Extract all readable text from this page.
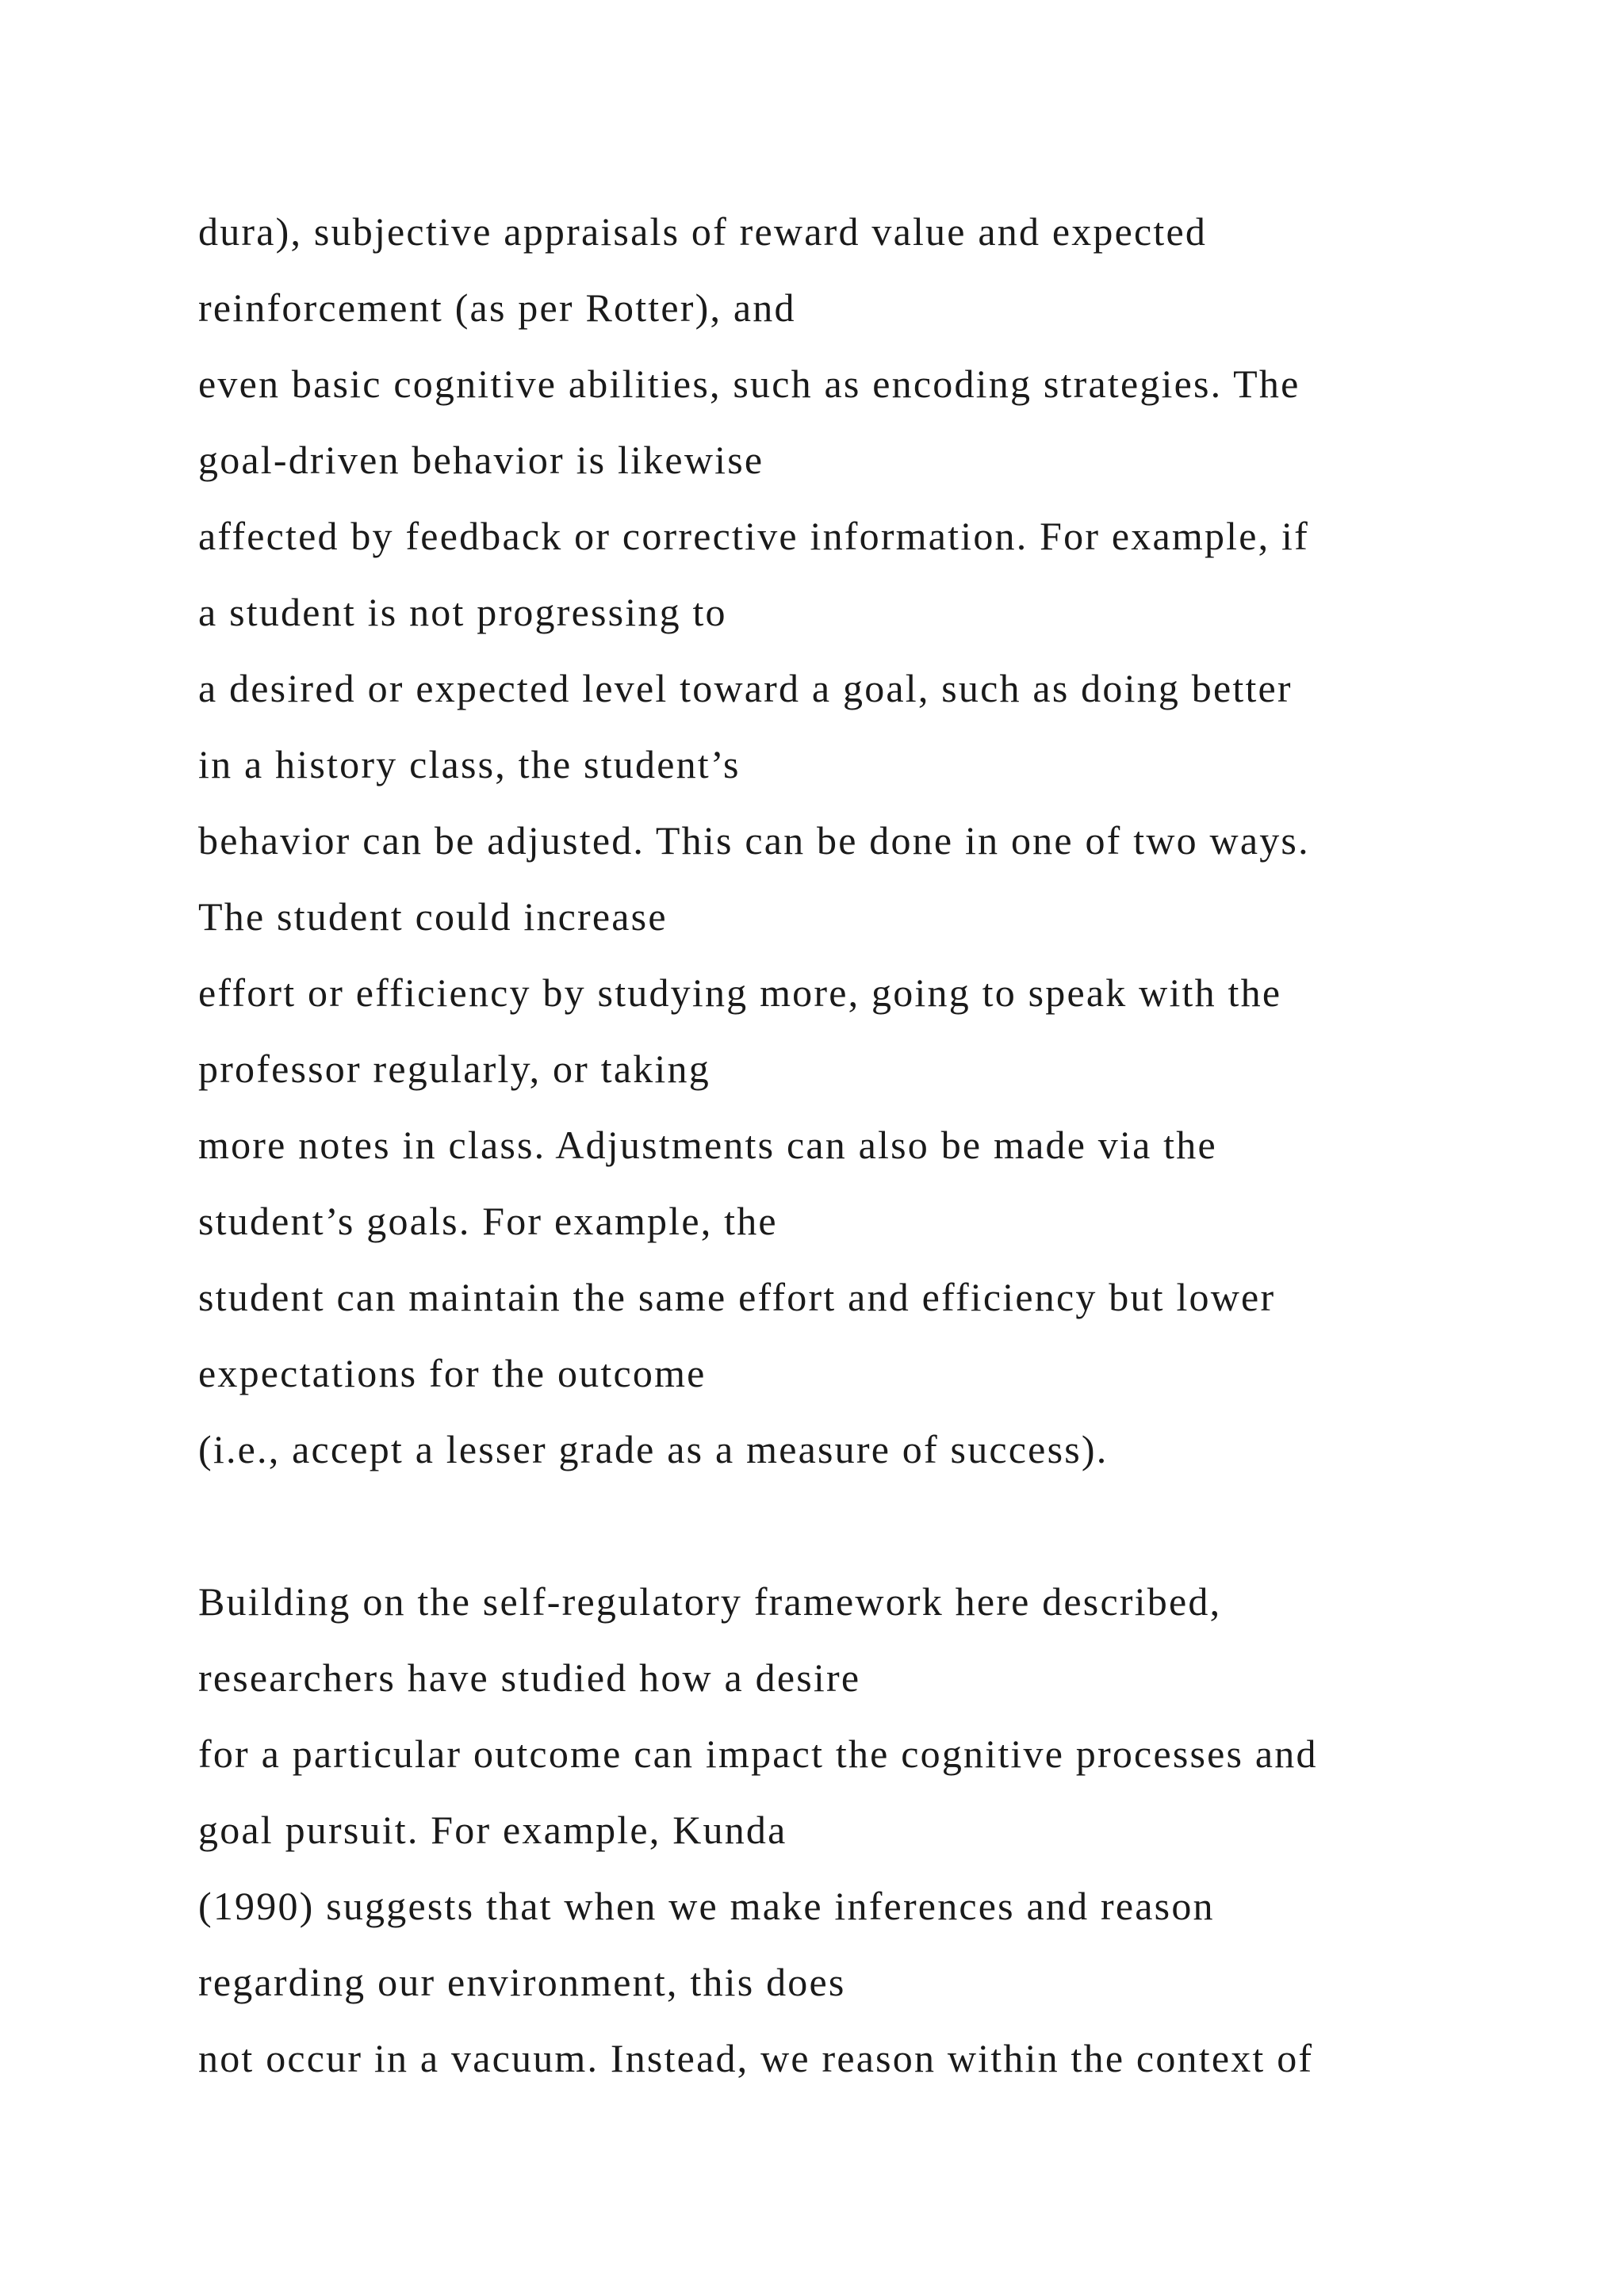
dura), subjective appraisals of reward value and expected
reinforcement (as per Rotter), and
even basic cognitive abilities, such as encoding strategies. The
goal-driven behavior is likewise
affected by feedback or corrective information. For example, if
a student is not progressing to
a desired or expected level toward a goal, such as doing better
in a history class, the student’s
behavior can be adjusted. This can be done in one of two ways.
The student could increase
effort or efficiency by studying more, going to speak with the
professor regularly, or taking
more notes in class. Adjustments can also be made via the
student’s goals. For example, the
student can maintain the same effort and efficiency but lower
expectations for the outcome
(i.e., accept a lesser grade as a measure of success).
Building on the self-regulatory framework here described,
researchers have studied how a desire
for a particular outcome can impact the cognitive processes and
goal pursuit. For example, Kunda
(1990) suggests that when we make inferences and reason
regarding our environment, this does
not occur in a vacuum. Instead, we reason within the context of
